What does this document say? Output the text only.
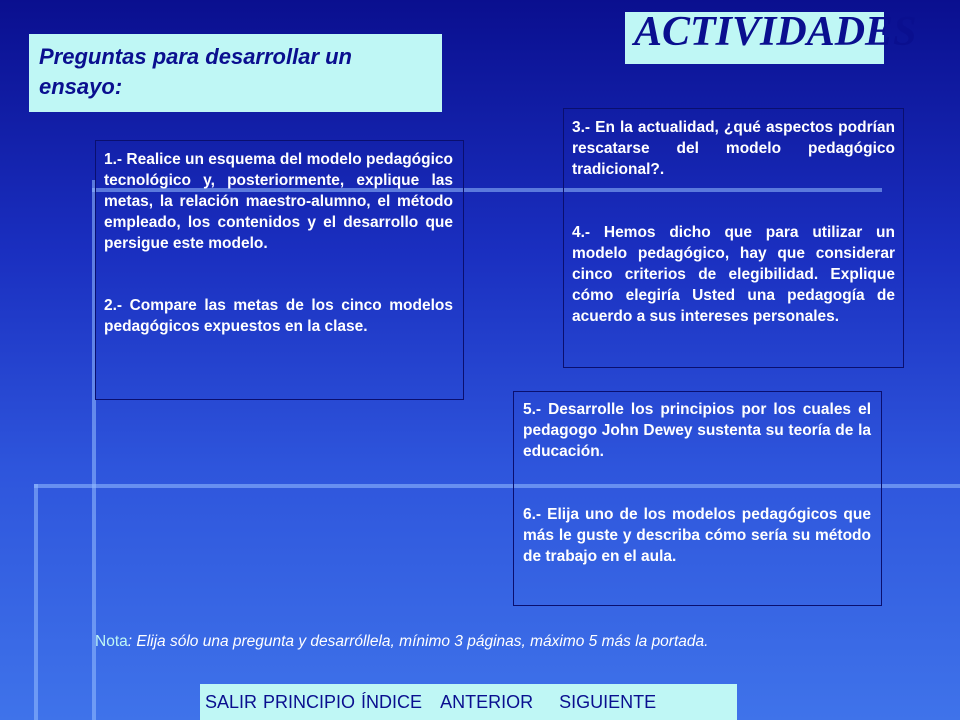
ACTIVIDADES
Preguntas para desarrollar un ensayo:

1.- Realice un esquema del modelo pedagógico tecnológico y, posteriormente, explique las metas, la relación maestro-alumno, el método empleado, los contenidos y el desarrollo que persigue este modelo.

2.- Compare las metas de los cinco modelos pedagógicos expuestos en la clase.

3.- En la actualidad, ¿qué aspectos podrían rescatarse del modelo pedagógico tradicional?.

4.- Hemos dicho que para utilizar un modelo pedagógico, hay que considerar cinco criterios de elegibilidad. Explique cómo elegiría Usted una pedagogía de acuerdo a sus intereses personales.

5.- Desarrolle los principios por los cuales el pedagogo John Dewey sustenta su teoría de la educación.

6.- Elija uno de los modelos pedagógicos que más le guste y describa cómo sería su método de trabajo en el aula.

Nota: Elija sólo una pregunta y desarróllela, mínimo 3 páginas, máximo 5 más la portada.
SALIR PRINCIPIO ÍNDICE ANTERIOR SIGUIENTE
